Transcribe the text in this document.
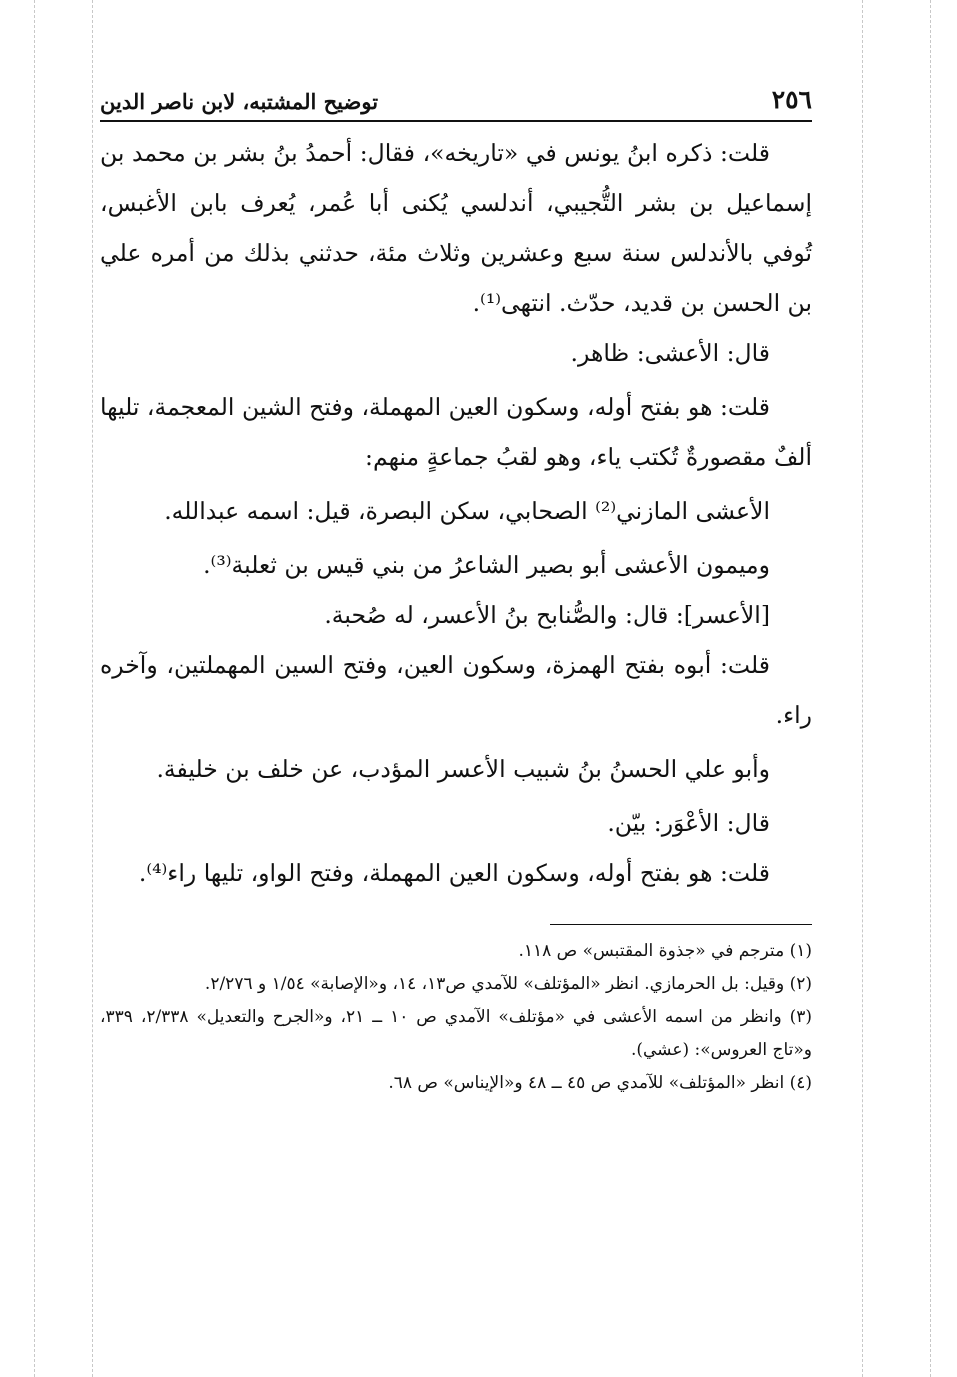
٢٥٦
توضيح المشتبه، لابن ناصر الدين

قلت: ذكره ابنُ يونس في «تاريخه»، فقال: أحمدُ بنُ بشر بن محمد بن إسماعيل بن بشر التُّجيبي، أندلسي يُكنى أبا عُمر، يُعرف بابن الأغبس، تُوفي بالأندلس سنة سبع وعشرين وثلاث مئة، حدثني بذلك من أمره علي بن الحسن بن قديد، حدّث. انتهى⁽¹⁾.

قال: الأعشى: ظاهر.

قلت: هو بفتح أوله، وسكون العين المهملة، وفتح الشين المعجمة، تليها ألفٌ مقصورةٌ تُكتب ياء، وهو لقبُ جماعةٍ منهم:

الأعشى المازني⁽²⁾ الصحابي، سكن البصرة، قيل: اسمه عبدالله.

وميمون الأعشى أبو بصير الشاعرُ من بني قيس بن ثعلبة⁽³⁾.

[الأعسر]: قال: والصُّنابح بنُ الأعسر، له صُحبة.

قلت: أبوه بفتح الهمزة، وسكون العين، وفتح السين المهملتين، وآخره راء.

وأبو علي الحسنُ بنُ شبيب الأعسر المؤدب، عن خلف بن خليفة.

قال: الأعْوَر: بيّن.

قلت: هو بفتح أوله، وسكون العين المهملة، وفتح الواو، تليها راء⁽⁴⁾.

(١) مترجم في «جذوة المقتبس» ص ١١٨.

(٢) وقيل: بل الحرمازي. انظر «المؤتلف» للآمدي ص١٣، ١٤، و«الإصابة» ١/٥٤ و ٢/٢٧٦.

(٣) وانظر من اسمه الأعشى في «مؤتلف» الآمدي ص ١٠ ــ ٢١، و«الجرح والتعديل» ٢/٣٣٨، ٣٣٩، و«تاج العروس»: (عشي).

(٤) انظر «المؤتلف» للآمدي ص ٤٥ ــ ٤٨ و«الإيناس» ص ٦٨.
